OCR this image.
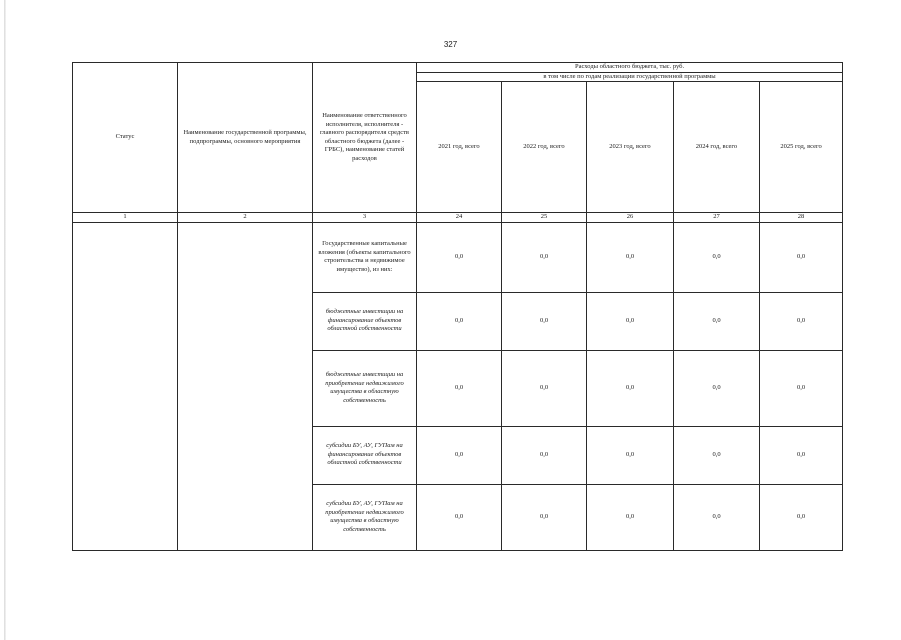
327
Статус	Наименование государственной программы, подпрограммы, основного мероприятия	Наименование ответственного исполнителя, исполнителя - главного распорядителя средств областного бюджета (далее - ГРБС), наименование статей расходов	Расходы областного бюджета, тыс. руб.				
			в том числе по годам реализации государственной программы				
			2021 год, всего	2022 год, всего	2023 год, всего	2024 год, всего	2025 год, всего
1	2	3	24	25	26	27	28
		Государственные капитальные вложения (объекты капитального строительства и недвижимое имущество), из них:	0,0	0,0	0,0	0,0	0,0
		бюджетные инвестиции на финансирование объектов областной собственности	0,0	0,0	0,0	0,0	0,0
		бюджетные инвестиции на приобретение недвижимого имущества в областную собственность	0,0	0,0	0,0	0,0	0,0
		субсидии БУ, АУ, ГУПам на финансирование объектов областной собственности	0,0	0,0	0,0	0,0	0,0
		субсидии БУ, АУ, ГУПам на приобретение недвижимого имущества в областную собственность	0,0	0,0	0,0	0,0	0,0
